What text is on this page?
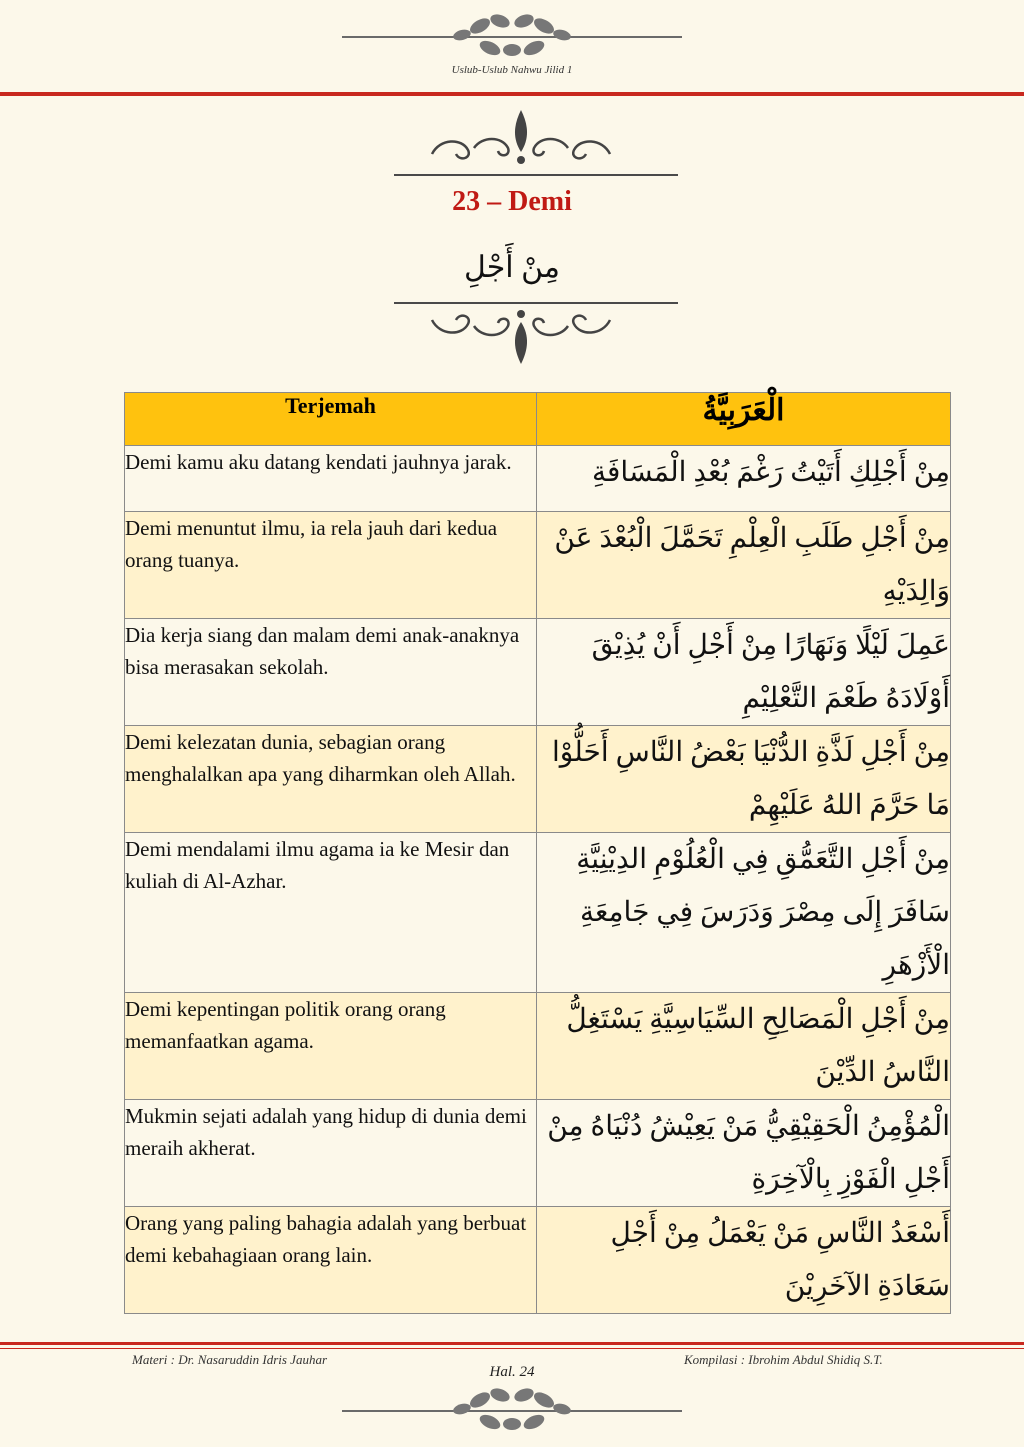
Uslub-Uslub Nahwu Jilid 1
23 – Demi
مِنْ أَجْلِ
Terjemah	الْعَرَبِيَّةُ
Demi kamu aku datang kendati jauhnya jarak.	مِنْ أَجْلِكِ أَتَيْتُ رَغْمَ بُعْدِ الْمَسَافَةِ
Demi menuntut ilmu, ia rela jauh dari kedua orang tuanya.	مِنْ أَجْلِ طَلَبِ الْعِلْمِ تَحَمَّلَ الْبُعْدَ عَنْ وَالِدَيْهِ
Dia kerja siang dan malam demi anak-anaknya bisa merasakan sekolah.	عَمِلَ لَيْلًا وَنَهَارًا مِنْ أَجْلِ أَنْ يُذِيْقَ أَوْلَادَهُ طَعْمَ التَّعْلِيْمِ
Demi kelezatan dunia, sebagian orang menghalalkan apa yang diharmkan oleh Allah.	مِنْ أَجْلِ لَذَّةِ الدُّنْيَا بَعْضُ النَّاسِ أَحَلُّوْا مَا حَرَّمَ اللهُ عَلَيْهِمْ
Demi mendalami ilmu agama ia ke Mesir dan kuliah di Al-Azhar.	مِنْ أَجْلِ التَّعَمُّقِ فِي الْعُلُوْمِ الدِيْنِيَّةِ سَافَرَ إِلَى مِصْرَ وَدَرَسَ فِي جَامِعَةِ الْأَزْهَرِ
Demi kepentingan politik orang orang memanfaatkan agama.	مِنْ أَجْلِ الْمَصَالِحِ السِّيَاسِيَّةِ يَسْتَغِلُّ النَّاسُ الدِّيْنَ
Mukmin sejati adalah yang hidup di dunia demi meraih akherat.	الْمُؤْمِنُ الْحَقِيْقِيُّ مَنْ يَعِيْشُ دُنْيَاهُ مِنْ أَجْلِ الْفَوْزِ بِالْآخِرَةِ
Orang yang paling bahagia adalah yang berbuat demi kebahagiaan orang lain.	أَسْعَدُ النَّاسِ مَنْ يَعْمَلُ مِنْ أَجْلِ سَعَادَةِ الآخَرِيْنَ
Materi : Dr. Nasaruddin Idris Jauhar	Kompilasi : Ibrohim Abdul Shidiq S.T.
Hal. 24
